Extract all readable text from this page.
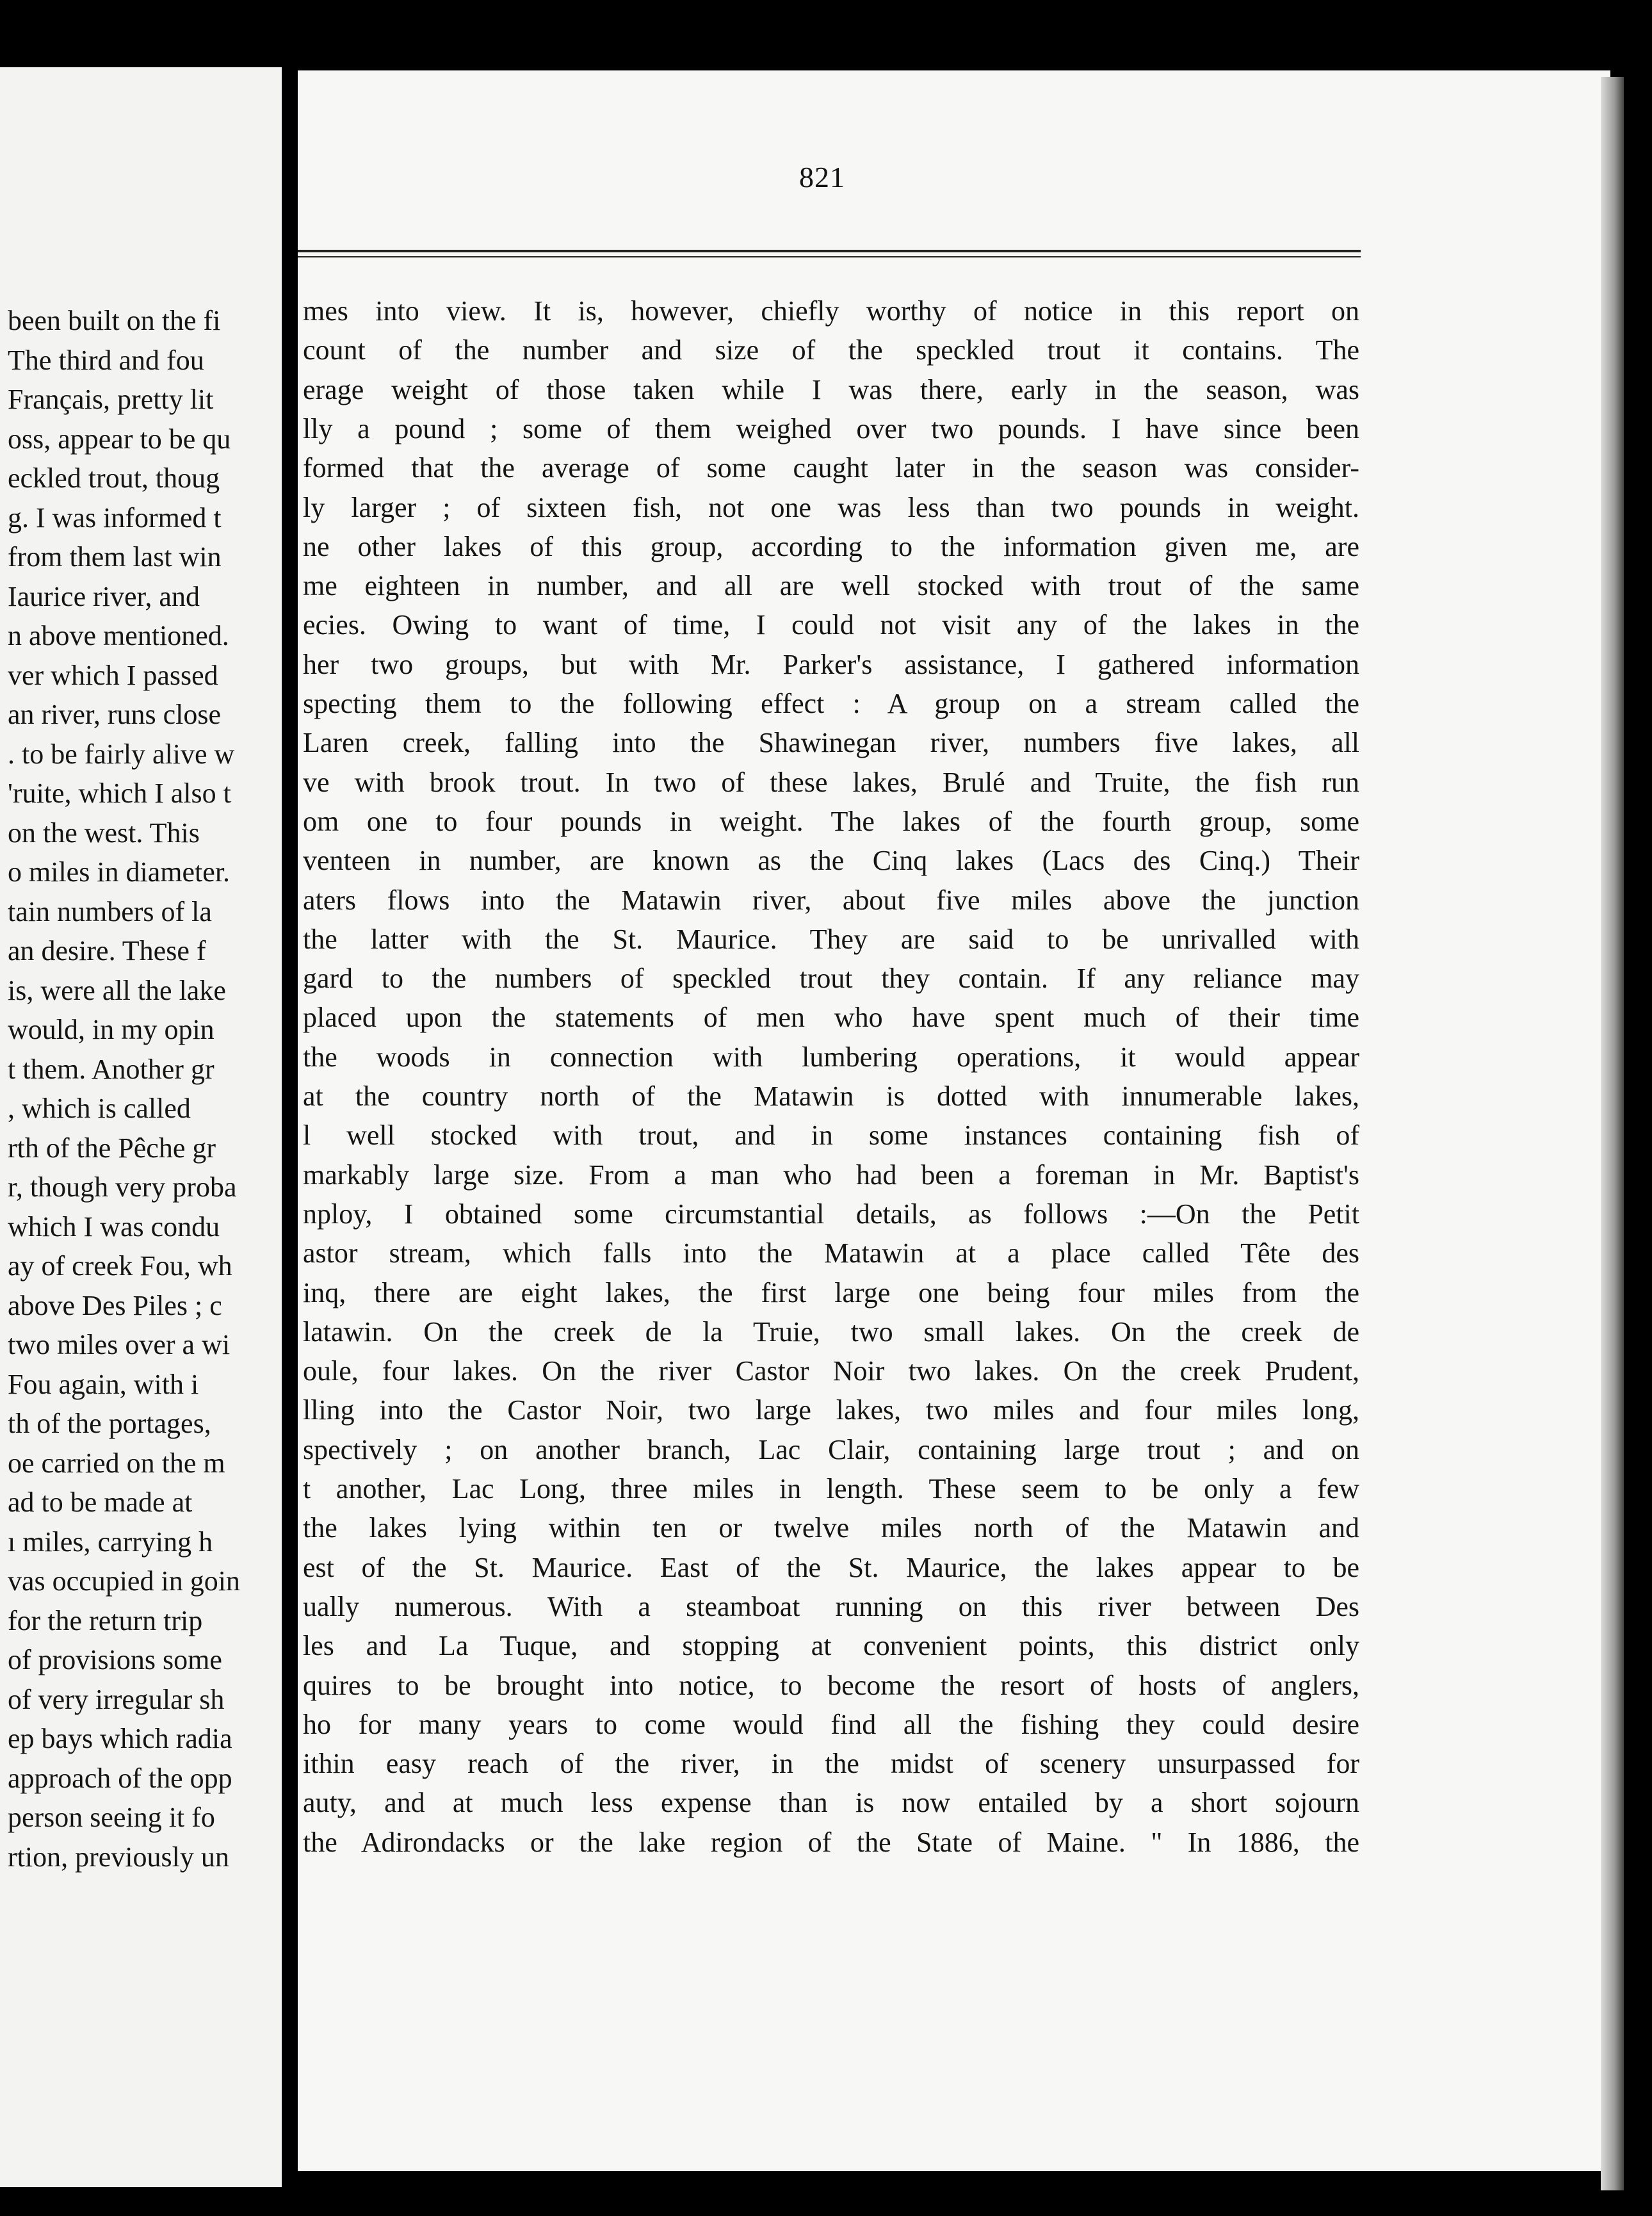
been built on the fi
The third and fou
Français, pretty lit
oss, appear to be qu
eckled trout, thoug
g. I was informed t
from them last win
Iaurice river, and
n above mentioned.
ver which I passed
an river, runs close
. to be fairly alive w
'ruite, which I also t
on the west. This
o miles in diameter.
tain numbers of la
an desire. These f
is, were all the lake
would, in my opin
t them. Another gr
, which is called
rth of the Pêche gr
r, though very proba
which I was condu
ay of creek Fou, wh
above Des Piles ; c
two miles over a wi
Fou again, with i
th of the portages,
oe carried on the m
ad to be made at
ı miles, carrying h
vas occupied in goin
for the return trip
of provisions some
of very irregular sh
ep bays which radia
approach of the opp
person seeing it fo
rtion, previously un
821
mes into view. It is, however, chiefly worthy of notice in this report on
count of the number and size of the speckled trout it contains. The
erage weight of those taken while I was there, early in the season, was
lly a pound ; some of them weighed over two pounds. I have since been
formed that the average of some caught later in the season was consider-
ly larger ; of sixteen fish, not one was less than two pounds in weight.
ne other lakes of this group, according to the information given me, are
me eighteen in number, and all are well stocked with trout of the same
ecies. Owing to want of time, I could not visit any of the lakes in the
her two groups, but with Mr. Parker's assistance, I gathered information
specting them to the following effect : A group on a stream called the
Laren creek, falling into the Shawinegan river, numbers five lakes, all
ve with brook trout. In two of these lakes, Brulé and Truite, the fish run
om one to four pounds in weight. The lakes of the fourth group, some
venteen in number, are known as the Cinq lakes (Lacs des Cinq.) Their
aters flows into the Matawin river, about five miles above the junction
the latter with the St. Maurice. They are said to be unrivalled with
gard to the numbers of speckled trout they contain. If any reliance may
placed upon the statements of men who have spent much of their time
the woods in connection with lumbering operations, it would appear
at the country north of the Matawin is dotted with innumerable lakes,
l well stocked with trout, and in some instances containing fish of
markably large size. From a man who had been a foreman in Mr. Baptist's
nploy, I obtained some circumstantial details, as follows :—On the Petit
astor stream, which falls into the Matawin at a place called Tête des
inq, there are eight lakes, the first large one being four miles from the
latawin. On the creek de la Truie, two small lakes. On the creek de
oule, four lakes. On the river Castor Noir two lakes. On the creek Prudent,
lling into the Castor Noir, two large lakes, two miles and four miles long,
spectively ; on another branch, Lac Clair, containing large trout ; and on
t another, Lac Long, three miles in length. These seem to be only a few
the lakes lying within ten or twelve miles north of the Matawin and
est of the St. Maurice. East of the St. Maurice, the lakes appear to be
ually numerous. With a steamboat running on this river between Des
les and La Tuque, and stopping at convenient points, this district only
quires to be brought into notice, to become the resort of hosts of anglers,
ho for many years to come would find all the fishing they could desire
ithin easy reach of the river, in the midst of scenery unsurpassed for
auty, and at much less expense than is now entailed by a short sojourn
the Adirondacks or the lake region of the State of Maine. " In 1886, the
